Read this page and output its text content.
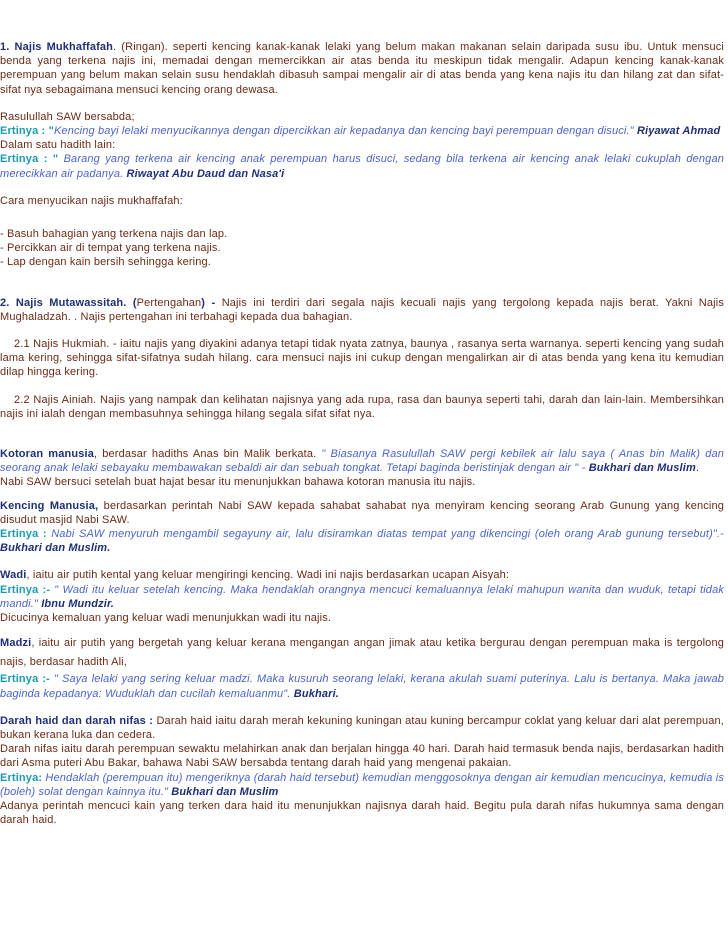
1. Najis Mukhaffafah. (Ringan). seperti kencing kanak-kanak lelaki yang belum makan makanan selain daripada susu ibu. Untuk mensuci benda yang terkena najis ini, memadai dengan memercikkan air atas benda itu meskipun tidak mengalir. Adapun kencing kanak-kanak perempuan yang belum makan selain susu hendaklah dibasuh sampai mengalir air di atas benda yang kena najis itu dan hilang zat dan sifat-sifat nya sebagaimana mensuci kencing orang dewasa.

Rasulullah SAW bersabda;

Ertinya : "Kencing bayi lelaki menyucikannya dengan dipercikkan air kepadanya dan kencing bayi perempuan dengan disuci." Riyawat Ahmad

Dalam satu hadith lain:

Ertinya : " Barang yang terkena air kencing anak perempuan harus disuci, sedang bila terkena air kencing anak lelaki cukuplah dengan merecikkan air padanya. Riwayat Abu Daud dan Nasa'i

Cara menyucikan najis mukhaffafah:

- Basuh bahagian yang terkena najis dan lap.

- Percikkan air di tempat yang terkena najis.

- Lap dengan kain bersih sehingga kering.

2. Najis Mutawassitah. (Pertengahan) - Najis ini terdiri dari segala najis kecuali najis yang tergolong kepada najis berat. Yakni Najis Mughaladzah. . Najis pertengahan ini terbahagi kepada dua bahagian.

2.1 Najis Hukmiah. - iaitu najis yang diyakini adanya tetapi tidak nyata zatnya, baunya , rasanya serta warnanya. seperti kencing yang sudah lama kering, sehingga sifat-sifatnya sudah hilang. cara mensuci najis ini cukup dengan mengalirkan air di atas benda yang kena itu kemudian dilap hingga kering.

2.2 Najis Ainiah. Najis yang nampak dan kelihatan najisnya yang ada rupa, rasa dan baunya seperti tahi, darah dan lain-lain. Membersihkan najis ini ialah dengan membasuhnya sehingga hilang segala sifat sifat nya.

Kotoran manusia, berdasar hadiths Anas bin Malik berkata. " Biasanya Rasulullah SAW pergi kebilek air lalu saya ( Anas bin Malik) dan seorang anak lelaki sebayaku membawakan sebaldi air dan sebuah tongkat. Tetapi baginda beristinjak dengan air " - Bukhari dan Muslim.

Nabi SAW bersuci setelah buat hajat besar itu menunjukkan bahawa kotoran manusia itu najis.

Kencing Manusia, berdasarkan perintah Nabi SAW kepada sahabat sahabat nya menyiram kencing seorang Arab Gunung yang kencing disudut masjid Nabi SAW.

Ertinya : Nabi SAW menyuruh mengambil segayuny air, lalu disiramkan diatas tempat yang dikencingi (oleh orang Arab gunung tersebut)".- Bukhari dan Muslim.

Wadi, iaitu air putih kental yang keluar mengiringi kencing. Wadi ini najis berdasarkan ucapan Aisyah:

Ertinya :- " Wadi itu keluar setelah kencing. Maka hendaklah orangnya mencuci kemaluannya lelaki mahupun wanita dan wuduk, tetapi tidak mandi." Ibnu Mundzir.

Dicucinya kemaluan yang keluar wadi menunjukkan wadi itu najis.

Madzi, iaitu air putih yang bergetah yang keluar kerana mengangan angan jimak atau ketika bergurau dengan perempuan maka is tergolong najis, berdasar hadith Ali,

Ertinya :- " Saya lelaki yang sering keluar madzi. Maka kusuruh seorang lelaki, kerana akulah suami puterinya. Lalu is bertanya. Maka jawab baginda kepadanya: Wuduklah dan cucilah kemaluanmu". Bukhari.

Darah haid dan darah nifas : Darah haid iaitu darah merah kekuning kuningan atau kuning bercampur coklat yang keluar dari alat perempuan, bukan kerana luka dan cedera.

Darah nifas iaitu darah perempuan sewaktu melahirkan anak dan berjalan hingga 40 hari. Darah haid termasuk benda najis, berdasarkan hadith dari Asma puteri Abu Bakar, bahawa Nabi SAW bersabda tentang darah haid yang mengenai pakaian.

Ertinya: Hendaklah (perempuan itu) mengeriknya (darah haid tersebut) kemudian menggosoknya dengan air kemudian mencucinya, kemudia is (boleh) solat dengan kainnya itu." Bukhari dan Muslim

Adanya perintah mencuci kain yang terken dara haid itu menunjukkan najisnya darah haid. Begitu pula darah nifas hukumnya sama dengan darah haid.
